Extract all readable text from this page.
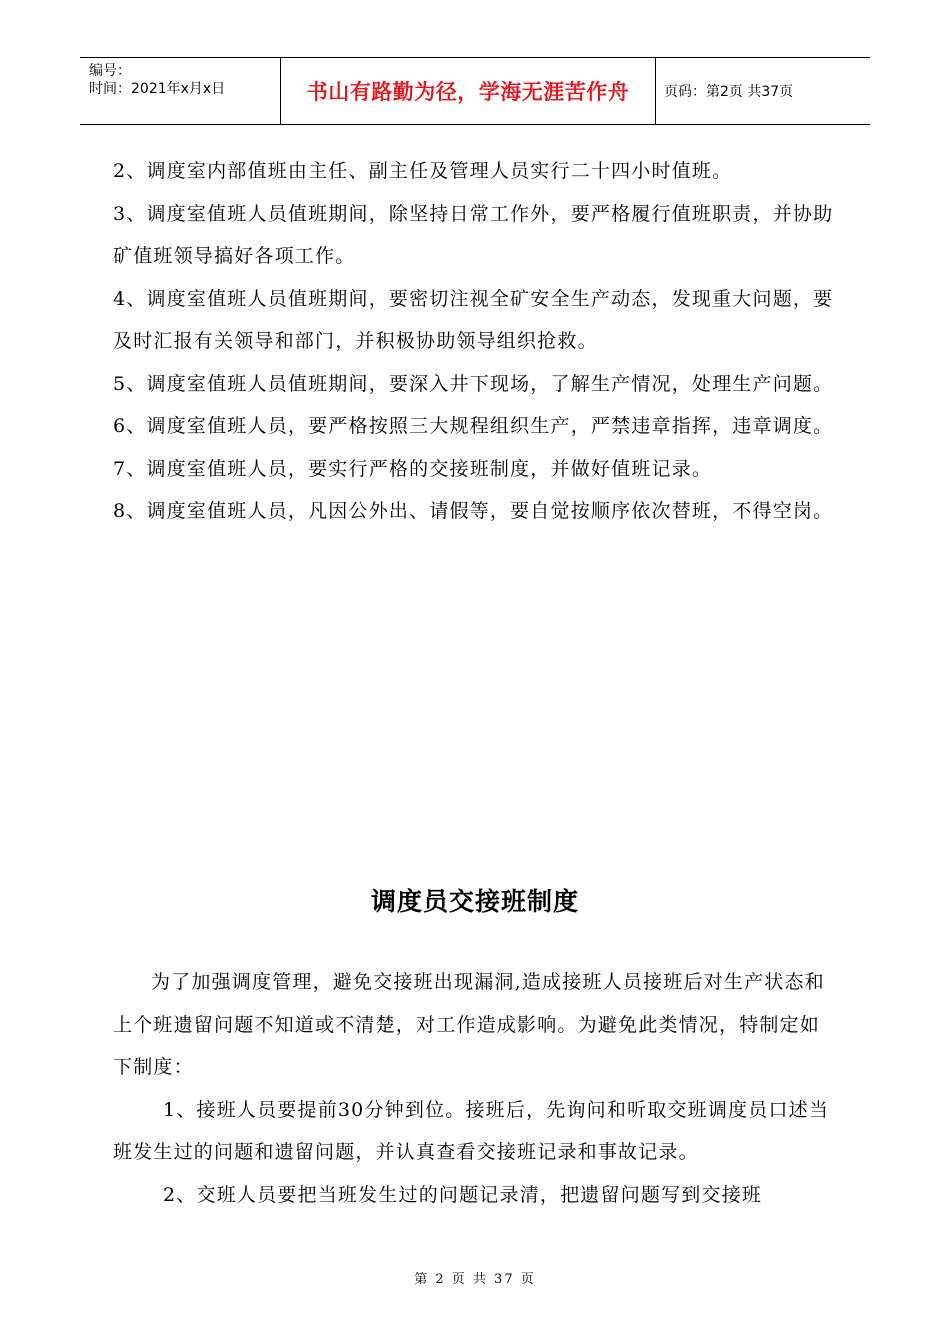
编号：
时间：2021年x月x日	书山有路勤为径，学海无涯苦作舟	页码：第2页 共37页

2、调度室内部值班由主任、副主任及管理人员实行二十四小时值班。

3、调度室值班人员值班期间，除坚持日常工作外，要严格履行值班职责，并协助矿值班领导搞好各项工作。

4、调度室值班人员值班期间，要密切注视全矿安全生产动态，发现重大问题，要及时汇报有关领导和部门，并积极协助领导组织抢救。

5、调度室值班人员值班期间，要深入井下现场，了解生产情况，处理生产问题。

6、调度室值班人员，要严格按照三大规程组织生产，严禁违章指挥，违章调度。

7、调度室值班人员，要实行严格的交接班制度，并做好值班记录。

8、调度室值班人员，凡因公外出、请假等，要自觉按顺序依次替班，不得空岗。

调度员交接班制度

为了加强调度管理，避免交接班出现漏洞,造成接班人员接班后对生产状态和上个班遗留问题不知道或不清楚，对工作造成影响。为避免此类情况，特制定如下制度：

1、接班人员要提前30分钟到位。接班后，先询问和听取交班调度员口述当班发生过的问题和遗留问题，并认真查看交接班记录和事故记录。

2、交班人员要把当班发生过的问题记录清，把遗留问题写到交接班

第 2 页 共 37 页
